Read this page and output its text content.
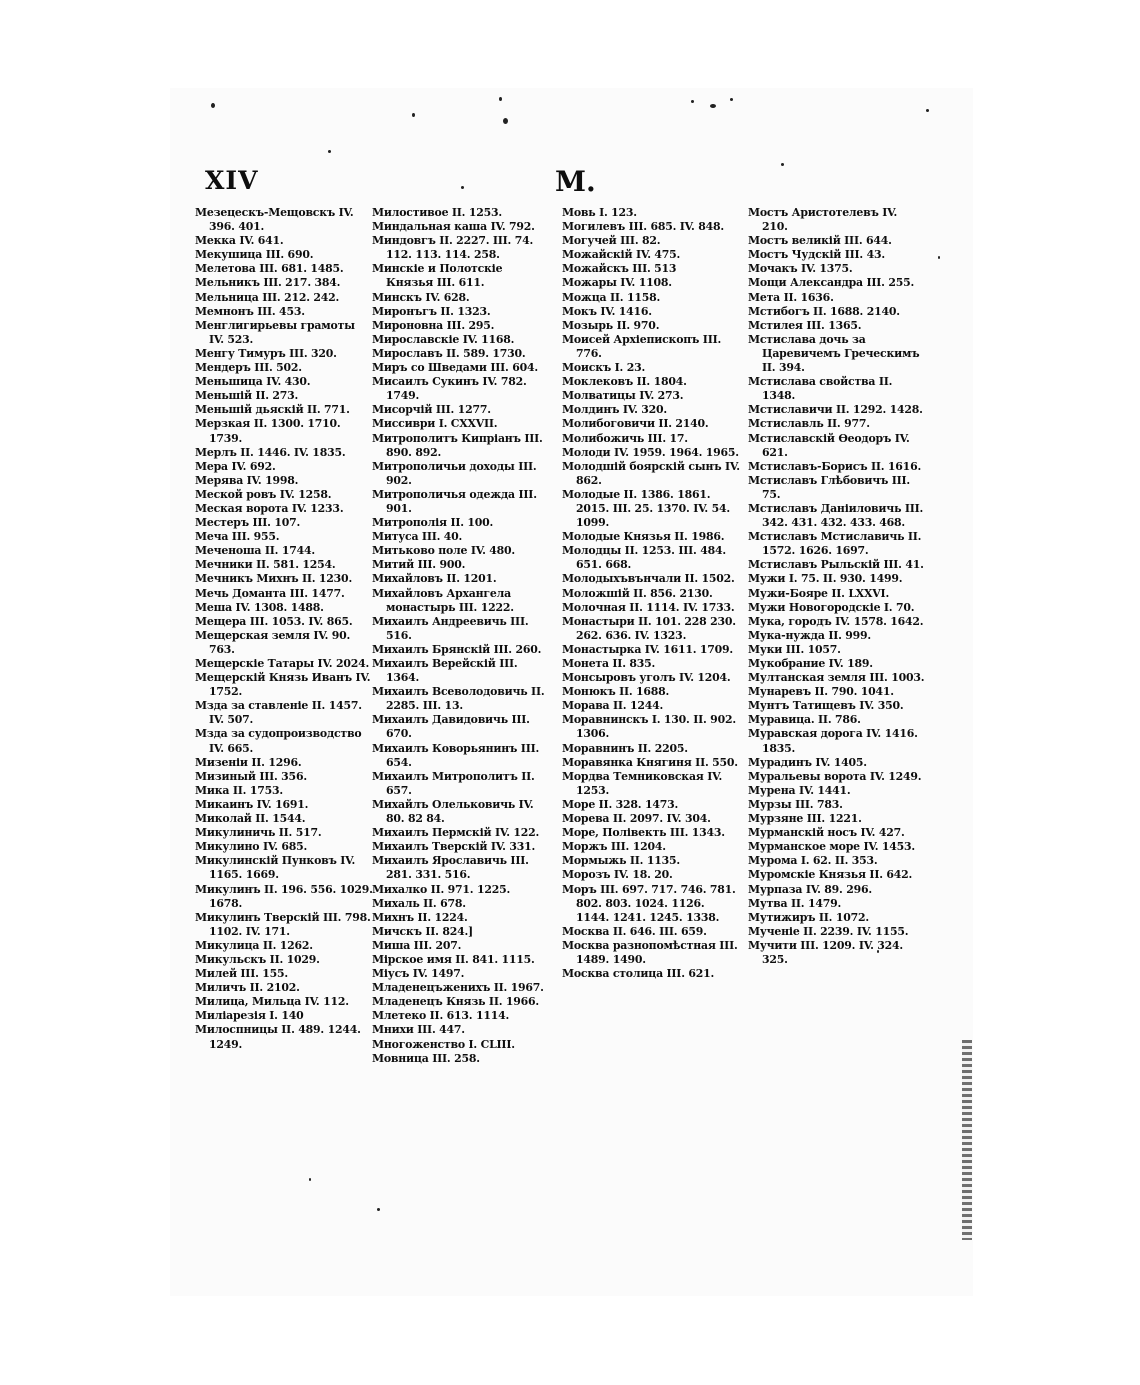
XIV	M.

Мезецескъ-Мещовскъ IV. 396. 401.

Мекка IV. 641.

Мекушица III. 690.

Мелетова III. 681. 1485.

Мельникъ III. 217. 384.

Мельница III. 212. 242.

Мемнонъ III. 453.

Менглигирьевы грамоты IV. 523.

Менгу Тимуръ III. 320.

Мендеръ III. 502.

Меньшица IV. 430.

Меньшій II. 273.

Меньшій дьяскій II. 771.

Мерзкая II. 1300. 1710. 1739.

Мерлъ II. 1446. IV. 1835.

Мера IV. 692.

Мерява IV. 1998.

Меской ровъ IV. 1258.

Меская ворота IV. 1233.

Местеръ III. 107.

Меча III. 955.

Меченоша II. 1744.

Мечники II. 581. 1254.

Мечникъ Михнъ II. 1230.

Мечь Доманта III. 1477.

Меша IV. 1308. 1488.

Мещера III. 1053. IV. 865.

Мещерская земля IV. 90. 763.

Мещерскіе Татары IV. 2024.

Мещерскій Князь Иванъ IV. 1752.

Мзда за ставленіе II. 1457. IV. 507.

Мзда за судопроизводство IV. 665.

Мизеніи II. 1296.

Мизиный III. 356.

Мика II. 1753.

Микаинъ IV. 1691.

Миколай II. 1544.

Микулиничь II. 517.

Микулино IV. 685.

Микулинскій Пунковъ IV. 1165. 1669.

Микулинъ II. 196. 556. 1029. 1678.

Микулинъ Тверскій III. 798. 1102. IV. 171.

Микулица II. 1262.

Микульскъ II. 1029.

Милей III. 155.

Миличъ II. 2102.

Милица, Мильца IV. 112.

Миліарезія I. 140

Милоспницы II. 489. 1244. 1249.

Милостивое II. 1253.

Миндальная каша IV. 792.

Миндовгъ II. 2227. III. 74. 112. 113. 114. 258.

Минскіе и Полотскіе Князья III. 611.

Минскъ IV. 628.

Миронъгъ II. 1323.

Мироновна III. 295.

Мирославскіе IV. 1168.

Мирославъ II. 589. 1730.

Миръ со Шведами III. 604.

Мисаилъ Сукинъ IV. 782. 1749.

Мисорчій III. 1277.

Миссиври I. CXXVII.

Митрополитъ Кипріанъ III. 890. 892.

Митрополичьи доходы III. 902.

Митрополичья одежда III. 901.

Митрополія II. 100.

Митуса III. 40.

Митьково поле IV. 480.

Митий III. 900.

Михайловъ II. 1201.

Михайловъ Архангела монастырь III. 1222.

Михаилъ Андреевичь III. 516.

Михаилъ Брянскій III. 260.

Михаилъ Верейскій III. 1364.

Михаилъ Всеволодовичь II. 2285. III. 13.

Михаилъ Давидовичь III. 670.

Михаилъ Коворьянинъ III. 654.

Михаилъ Митрополитъ II. 657.

Михайлъ Олельковичь IV. 80. 82 84.

Михаилъ Пермскій IV. 122.

Михаилъ Тверскій IV. 331.

Михаилъ Ярославичь III. 281. 331. 516.

Михалко II. 971. 1225.

Михаль II. 678.

Михнъ II. 1224.

Мичскъ II. 824.]

Миша III. 207.

Мірское имя II. 841. 1115.

Міусъ IV. 1497.

Младенецъженихъ II. 1967.

Младенецъ Князь II. 1966.

Млетеко II. 613. 1114.

Мнихи III. 447.

Многоженство I. CLIII.

Мовница III. 258.

Мовь I. 123.

Могилевъ III. 685. IV. 848.

Могучей III. 82.

Можайскій IV. 475.

Можайскъ III. 513

Можары IV. 1108.

Можца II. 1158.

Мокъ IV. 1416.

Мозырь II. 970.

Моисей Архіепископъ III. 776.

Моискъ I. 23.

Моклековъ II. 1804.

Молватицы IV. 273.

Молдинъ IV. 320.

Молибоговичи II. 2140.

Молибожичь III. 17.

Молоди IV. 1959. 1964. 1965.

Молодшій боярскій сынъ IV. 862.

Молодые II. 1386. 1861. 2015. III. 25. 1370. IV. 54. 1099.

Молодые Князья II. 1986.

Молодцы II. 1253. III. 484. 651. 668.

Молодыхъвънчали II. 1502.

Моложшій II. 856. 2130.

Молочная II. 1114. IV. 1733.

Монастыри II. 101. 228 230. 262. 636. IV. 1323.

Монастырка IV. 1611. 1709.

Монета II. 835.

Монсыровъ уголъ IV. 1204.

Монюкъ II. 1688.

Морава II. 1244.

Моравнинскъ I. 130. II. 902. 1306.

Моравнинъ II. 2205.

Моравянка Княгиня II. 550.

Мордва Темниковская IV. 1253.

Море II. 328. 1473.

Морева II. 2097. IV. 304.

Море, Полівекть III. 1343.

Моржъ III. 1204.

Мормыжь II. 1135.

Морозъ IV. 18. 20.

Моръ III. 697. 717. 746. 781. 802. 803. 1024. 1126. 1144. 1241. 1245. 1338.

Москва II. 646. III. 659.

Москва разнопомѣстная III. 1489. 1490.

Москва столица III. 621.

Мостъ Аристотелевъ IV. 210.

Мостъ великій III. 644.

Мостъ Чудскій III. 43.

Мочакъ IV. 1375.

Мощи Александра III. 255.

Мета II. 1636.

Мстибогъ II. 1688. 2140.

Мстилея III. 1365.

Мстислава дочь за Царевичемъ Греческимъ II. 394.

Мстислава свойства II. 1348.

Мстиславичи II. 1292. 1428.

Мстиславль II. 977.

Мстиславскій Ѳеодоръ IV. 621.

Мстиславъ-Борисъ II. 1616.

Мстиславъ Глѣбовичъ III. 75.

Мстиславъ Даніиловичь III. 342. 431. 432. 433. 468.

Мстиславъ Мстиславичь II. 1572. 1626. 1697.

Мстиславъ Рыльскій III. 41.

Мужи I. 75. II. 930. 1499.

Мужи-Бояре II. LXXVI.

Мужи Новогородскіе I. 70.

Мука, городъ IV. 1578. 1642.

Мука-нужда II. 999.

Муки III. 1057.

Мукобрание IV. 189.

Мултанская земля III. 1003.

Мунаревъ II. 790. 1041.

Мунтъ Татищевъ IV. 350.

Муравица. II. 786.

Муравская дорога IV. 1416. 1835.

Мурадинъ IV. 1405.

Муральевы ворота IV. 1249.

Мурена IV. 1441.

Мурзы III. 783.

Мурзяне III. 1221.

Мурманскій носъ IV. 427.

Мурманское море IV. 1453.

Мурома I. 62. II. 353.

Муромскіе Князья II. 642.

Мурпаза IV. 89. 296.

Мутва II. 1479.

Мутижиръ II. 1072.

Мученіе II. 2239. IV. 1155.

Мучити III. 1209. IV. 324. 325.
